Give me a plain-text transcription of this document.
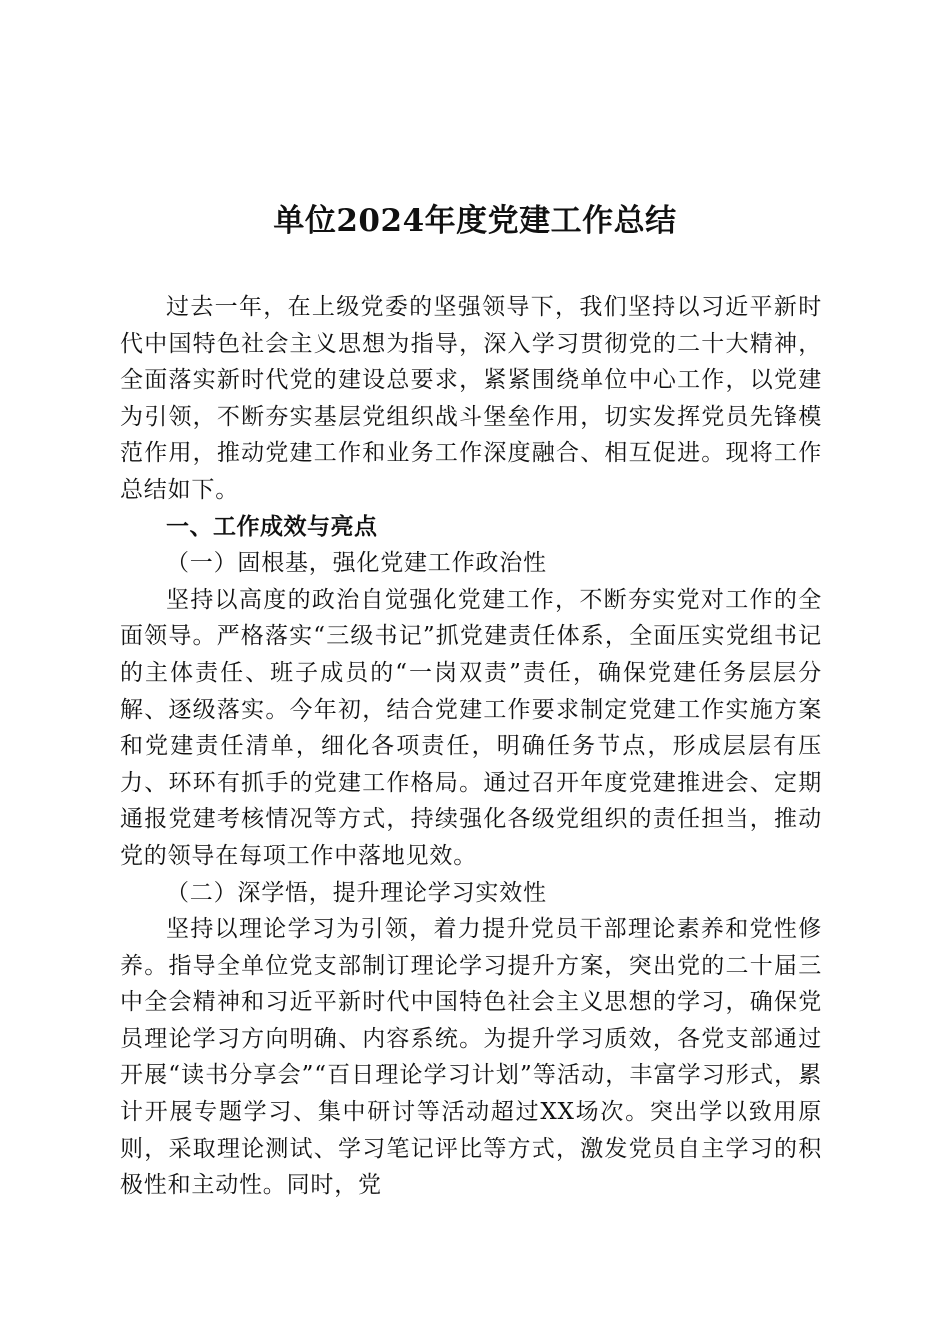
单位2024年度党建工作总结

过去一年，在上级党委的坚强领导下，我们坚持以习近平新时代中国特色社会主义思想为指导，深入学习贯彻党的二十大精神，全面落实新时代党的建设总要求，紧紧围绕单位中心工作，以党建为引领，不断夯实基层党组织战斗堡垒作用，切实发挥党员先锋模范作用，推动党建工作和业务工作深度融合、相互促进。现将工作总结如下。

一、工作成效与亮点

（一）固根基，强化党建工作政治性

坚持以高度的政治自觉强化党建工作，不断夯实党对工作的全面领导。严格落实“三级书记”抓党建责任体系，全面压实党组书记的主体责任、班子成员的“一岗双责”责任，确保党建任务层层分解、逐级落实。今年初，结合党建工作要求制定党建工作实施方案和党建责任清单，细化各项责任，明确任务节点，形成层层有压力、环环有抓手的党建工作格局。通过召开年度党建推进会、定期通报党建考核情况等方式，持续强化各级党组织的责任担当，推动党的领导在每项工作中落地见效。

（二）深学悟，提升理论学习实效性

坚持以理论学习为引领，着力提升党员干部理论素养和党性修养。指导全单位党支部制订理论学习提升方案，突出党的二十届三中全会精神和习近平新时代中国特色社会主义思想的学习，确保党员理论学习方向明确、内容系统。为提升学习质效，各党支部通过开展“读书分享会”“百日理论学习计划”等活动，丰富学习形式，累计开展专题学习、集中研讨等活动超过XX场次。突出学以致用原则，采取理论测试、学习笔记评比等方式，激发党员自主学习的积极性和主动性。同时，党
